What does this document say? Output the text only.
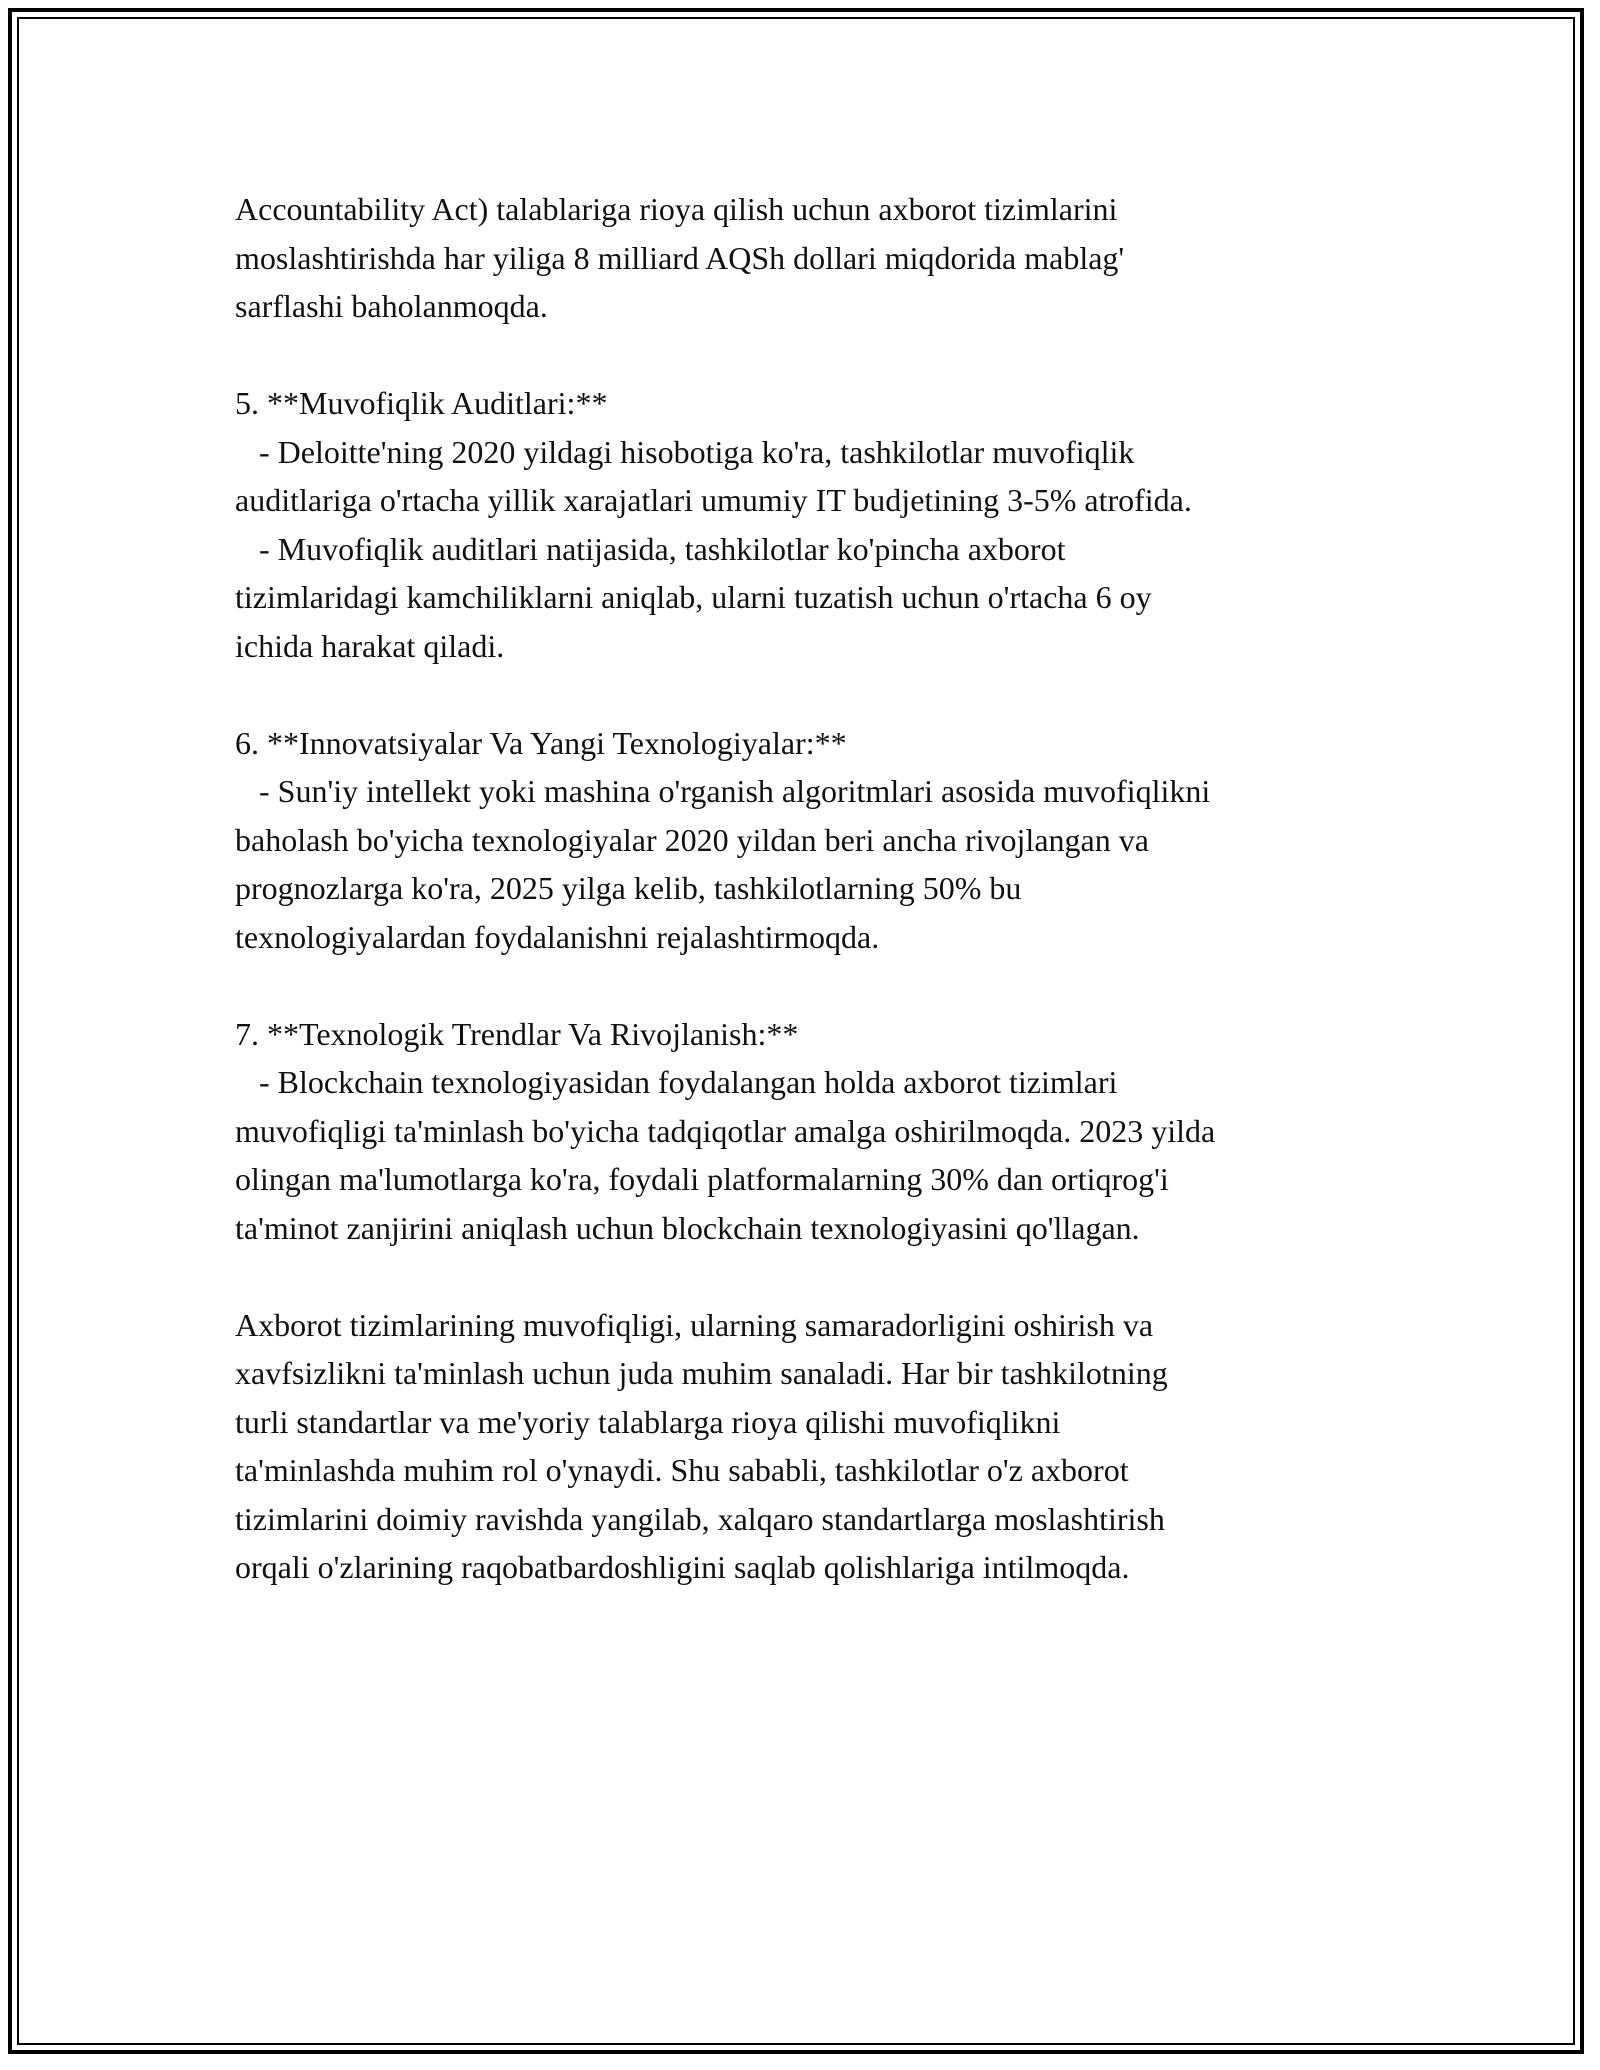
Accountability Act) talablariga rioya qilish uchun axborot tizimlarini
moslashtirishda har yiliga 8 milliard AQSh dollari miqdorida mablag'
sarflashi baholanmoqda.
5. **Muvofiqlik Auditlari:**
- Deloitte'ning 2020 yildagi hisobotiga ko'ra, tashkilotlar muvofiqlik
auditlariga o'rtacha yillik xarajatlari umumiy IT budjetining 3-5% atrofida.
- Muvofiqlik auditlari natijasida, tashkilotlar ko'pincha axborot
tizimlaridagi kamchiliklarni aniqlab, ularni tuzatish uchun o'rtacha 6 oy
ichida harakat qiladi.
6. **Innovatsiyalar Va Yangi Texnologiyalar:**
- Sun'iy intellekt yoki mashina o'rganish algoritmlari asosida muvofiqlikni
baholash bo'yicha texnologiyalar 2020 yildan beri ancha rivojlangan va
prognozlarga ko'ra, 2025 yilga kelib, tashkilotlarning 50% bu
texnologiyalardan foydalanishni rejalashtirmoqda.
7. **Texnologik Trendlar Va Rivojlanish:**
- Blockchain texnologiyasidan foydalangan holda axborot tizimlari
muvofiqligi ta'minlash bo'yicha tadqiqotlar amalga oshirilmoqda. 2023 yilda
olingan ma'lumotlarga ko'ra, foydali platformalarning 30% dan ortiqrog'i
ta'minot zanjirini aniqlash uchun blockchain texnologiyasini qo'llagan.
Axborot tizimlarining muvofiqligi, ularning samaradorligini oshirish va
xavfsizlikni ta'minlash uchun juda muhim sanaladi. Har bir tashkilotning
turli standartlar va me'yoriy talablarga rioya qilishi muvofiqlikni
ta'minlashda muhim rol o'ynaydi. Shu sababli, tashkilotlar o'z axborot
tizimlarini doimiy ravishda yangilab, xalqaro standartlarga moslashtirish
orqali o'zlarining raqobatbardoshligini saqlab qolishlariga intilmoqda.
